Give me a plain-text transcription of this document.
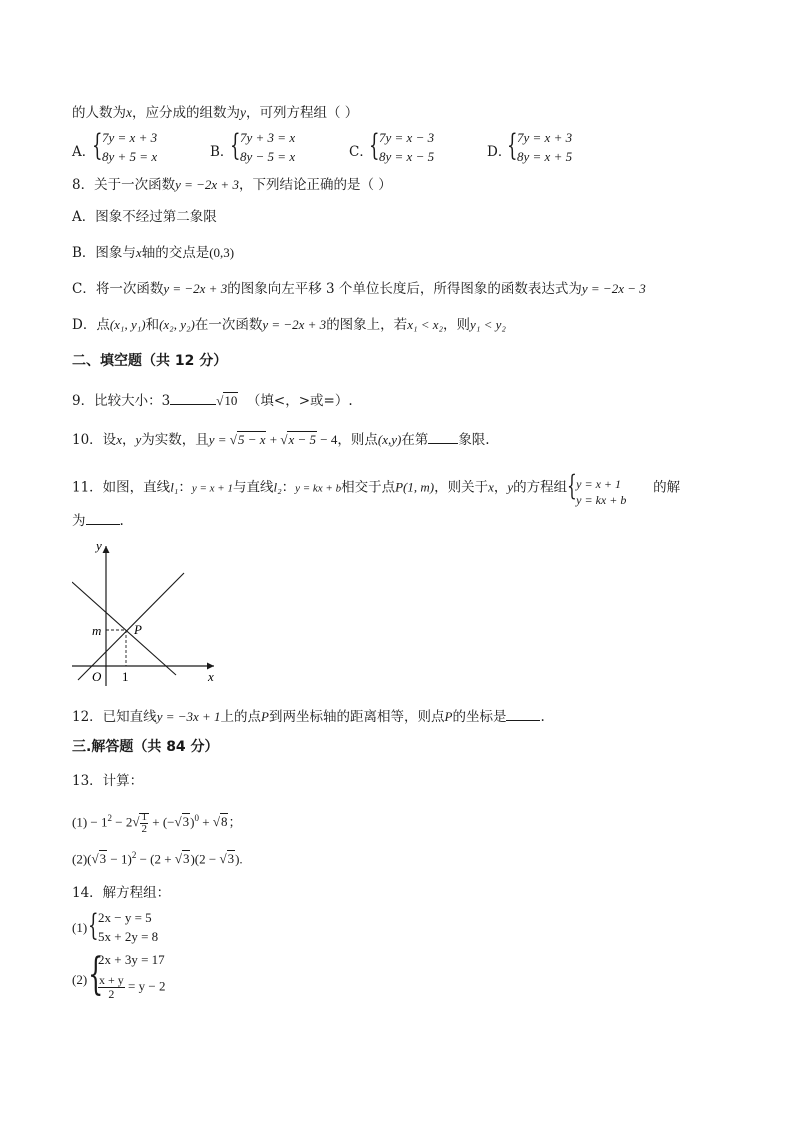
的人数为x，应分成的组数为y，可列方程组（ ）
A．
{ 7y = x + 3
8y + 5 = x	B．
{ 7y + 3 = x
8y − 5 = x	C．
{ 7y = x − 3
8y = x − 5	D．
{ 7y = x + 3
8y = x + 5
8．关于一次函数y = −2x + 3，下列结论正确的是（ ）
A．图象不经过第二象限
B．图象与x轴的交点是(0,3)
C．将一次函数y = −2x + 3的图象向左平移 3 个单位长度后，所得图象的函数表达式为y = −2x − 3
D．点(x₁, y₁)和(x₂, y₂)在一次函数y = −2x + 3的图象上，若x₁ < x₂，则y₁ < y₂
二、填空题（共 12 分）
9．比较大小：3	√10 （填<，>或=）.
10．设x，y为实数，且y = √5 − x + √x − 5 − 4，则点(x,y)在第 象限.
11．如图，直线l₁：y = x + 1与直线l₂：y = kx + b相交于点P(1, m)，则关于x，y的方程组 { y = x + 1
y = kx + b
的解
为	.
y
x
m	P
O 1
12．已知直线y = −3x + 1上的点P到两坐标轴的距离相等，则点P的坐标是	.
三.解答题（共 84 分）
13．计算：
$(1) - 1^2 - 2√ \frac{1}{2} + (-√3)^0 + √8$；
$(2)(√3 - 1)^2 - (2 + √3)(2 - √3)$.
14．解方程组：
(1) { 2x − y = 5
5x + 2y = 8
(2) {
2x + 3y = 17
$\frac{x + y}{2} = y - 2$
